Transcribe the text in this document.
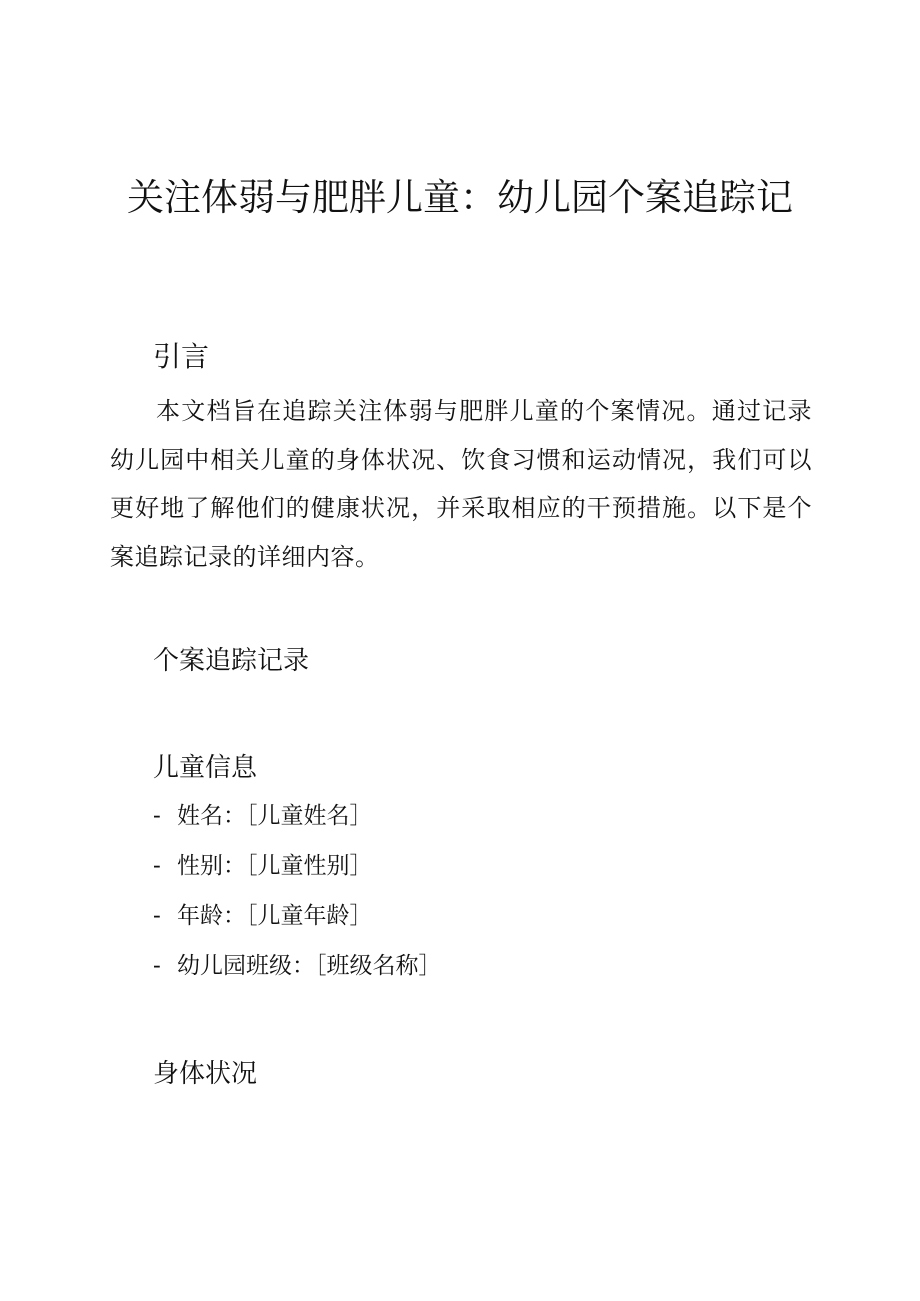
关注体弱与肥胖儿童：幼儿园个案追踪记
引言

本文档旨在追踪关注体弱与肥胖儿童的个案情况。通过记录幼儿园中相关儿童的身体状况、饮食习惯和运动情况，我们可以更好地了解他们的健康状况，并采取相应的干预措施。以下是个案追踪记录的详细内容。

个案追踪记录
儿童信息
- 姓名：［儿童姓名］
- 性别：［儿童性别］
- 年龄：［儿童年龄］
- 幼儿园班级：［班级名称］
身体状况
